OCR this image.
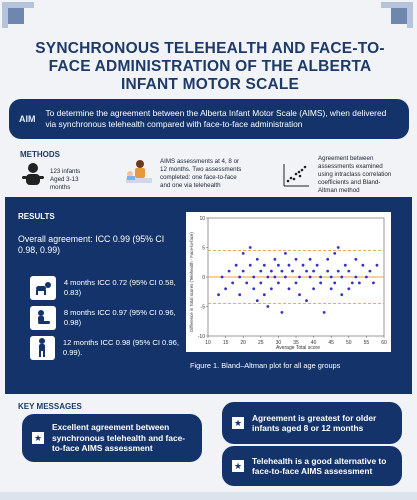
SYNCHRONOUS TELEHEALTH AND FACE-TO-FACE ADMINISTRATION OF THE ALBERTA INFANT MOTOR SCALE
AIM
To determine the agreement between the Alberta Infant Motor Scale (AIMS), when delivered via synchronous telehealth compared with face-to-face administration
METHODS
123 infants Aged 3-13 months
AIMS assessments at 4, 8 or 12 months. Two assessments completed: one face-to-face and one via telehealth
Agreement between assessments examined using intraclass correlation coefficients and Bland- Altman method
RESULTS
Overall agreement: ICC 0.99 (95% CI 0.98, 0.99)
4 months ICC 0.72 (95% CI 0.58, 0.83)
8 months ICC 0.97 (95% CI 0.96, 0.98)
12 months ICC 0.98 (95% CI 0.96, 0.99).
10 15 20 25 30 35 40 45 50 55 60
-10
-5
0
5
10
Average Total score
Difference in Total scores (Telehealth - Face-to-face)
Figure 1. Bland–Altman plot for all age groups
KEY MESSAGES
★
Excellent agreement between synchronous telehealth and face-to-face AIMS assessment
★
Agreement is greatest for older infants aged 8 or 12 months
★
Telehealth is a good alternative to face-to-face AIMS assessment
